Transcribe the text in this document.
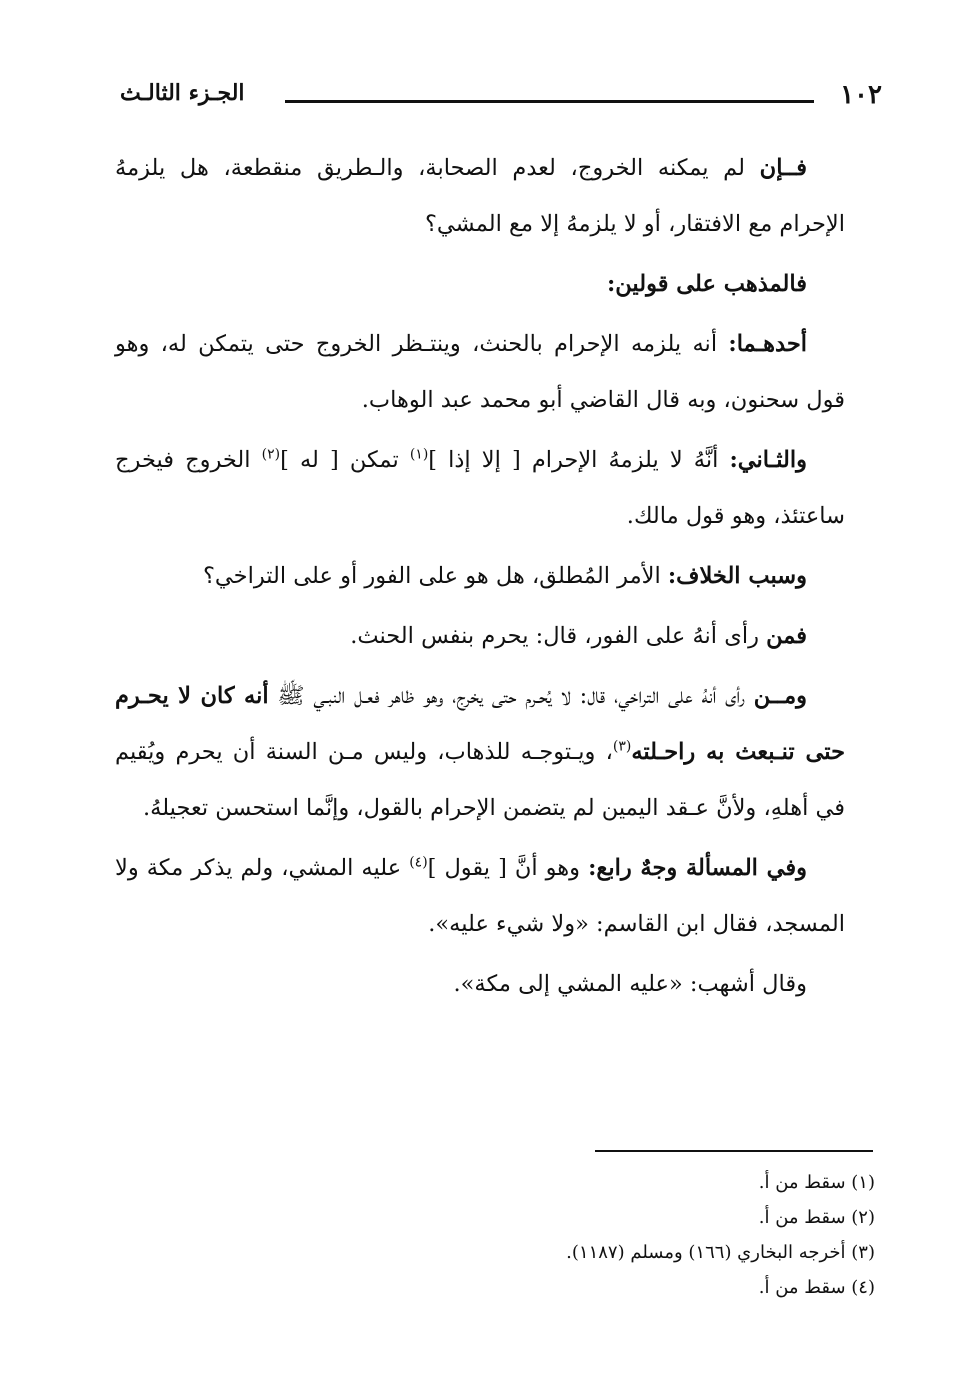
١٠٢
الجـزء الثالـث

فــإن لم يمكنه الخروج، لعدم الصحابة، والـطريق منقطعة، هل يلزمهُ الإحرام مع الافتقار، أو لا يلزمهُ إلا مع المشي؟

فالمذهب على قولين:

أحدهـما: أنه يلزمه الإحرام بالحنث، وينتـظر الخروج حتى يتمكن له، وهو قول سحنون، وبه قال القاضي أبو محمد عبد الوهاب.

والثـاني: أنَّهُ لا يلزمهُ الإحرام [ إلا إذا ]$^{(١)}$ تمكن [ له ]$^{(٢)}$ الخروج فيخرج ساعتئذ، وهو قول مالك.

وسبب الخلاف: الأمر المُطلق، هل هو على الفور أو على التراخي؟

فمن رأى أنهُ على الفور، قال: يحرم بنفس الحنث.

ومــن رأى أنهُ على التراخي، قال: لا يُحـرم حتى يخرج، وهو ظاهر فعـل النبـي ﷺ أنه كان لا يحـرم حتى تنـبعث به راحـلته$^{(٣)}$، ويـتوجـه للذهاب، وليس مـن السنة أن يحرم ويُقيم في أهلهِ، ولأنَّ عـقد اليمين لم يتضمن الإحرام بالقول، وإنَّما استحسن تعجيلهُ.

وفي المسألة وجهٌ رابع: وهو أنَّ [ يقول ]$^{(٤)}$ عليه المشي، ولم يذكر مكة ولا المسجد، فقال ابن القاسم: «ولا شيء عليه».

وقال أشهب: «عليه المشي إلى مكة».

(١) سقط من أ.

(٢) سقط من أ.

(٣) أخرجه البخاري (١٦٦) ومسلم (١١٨٧).

(٤) سقط من أ.
